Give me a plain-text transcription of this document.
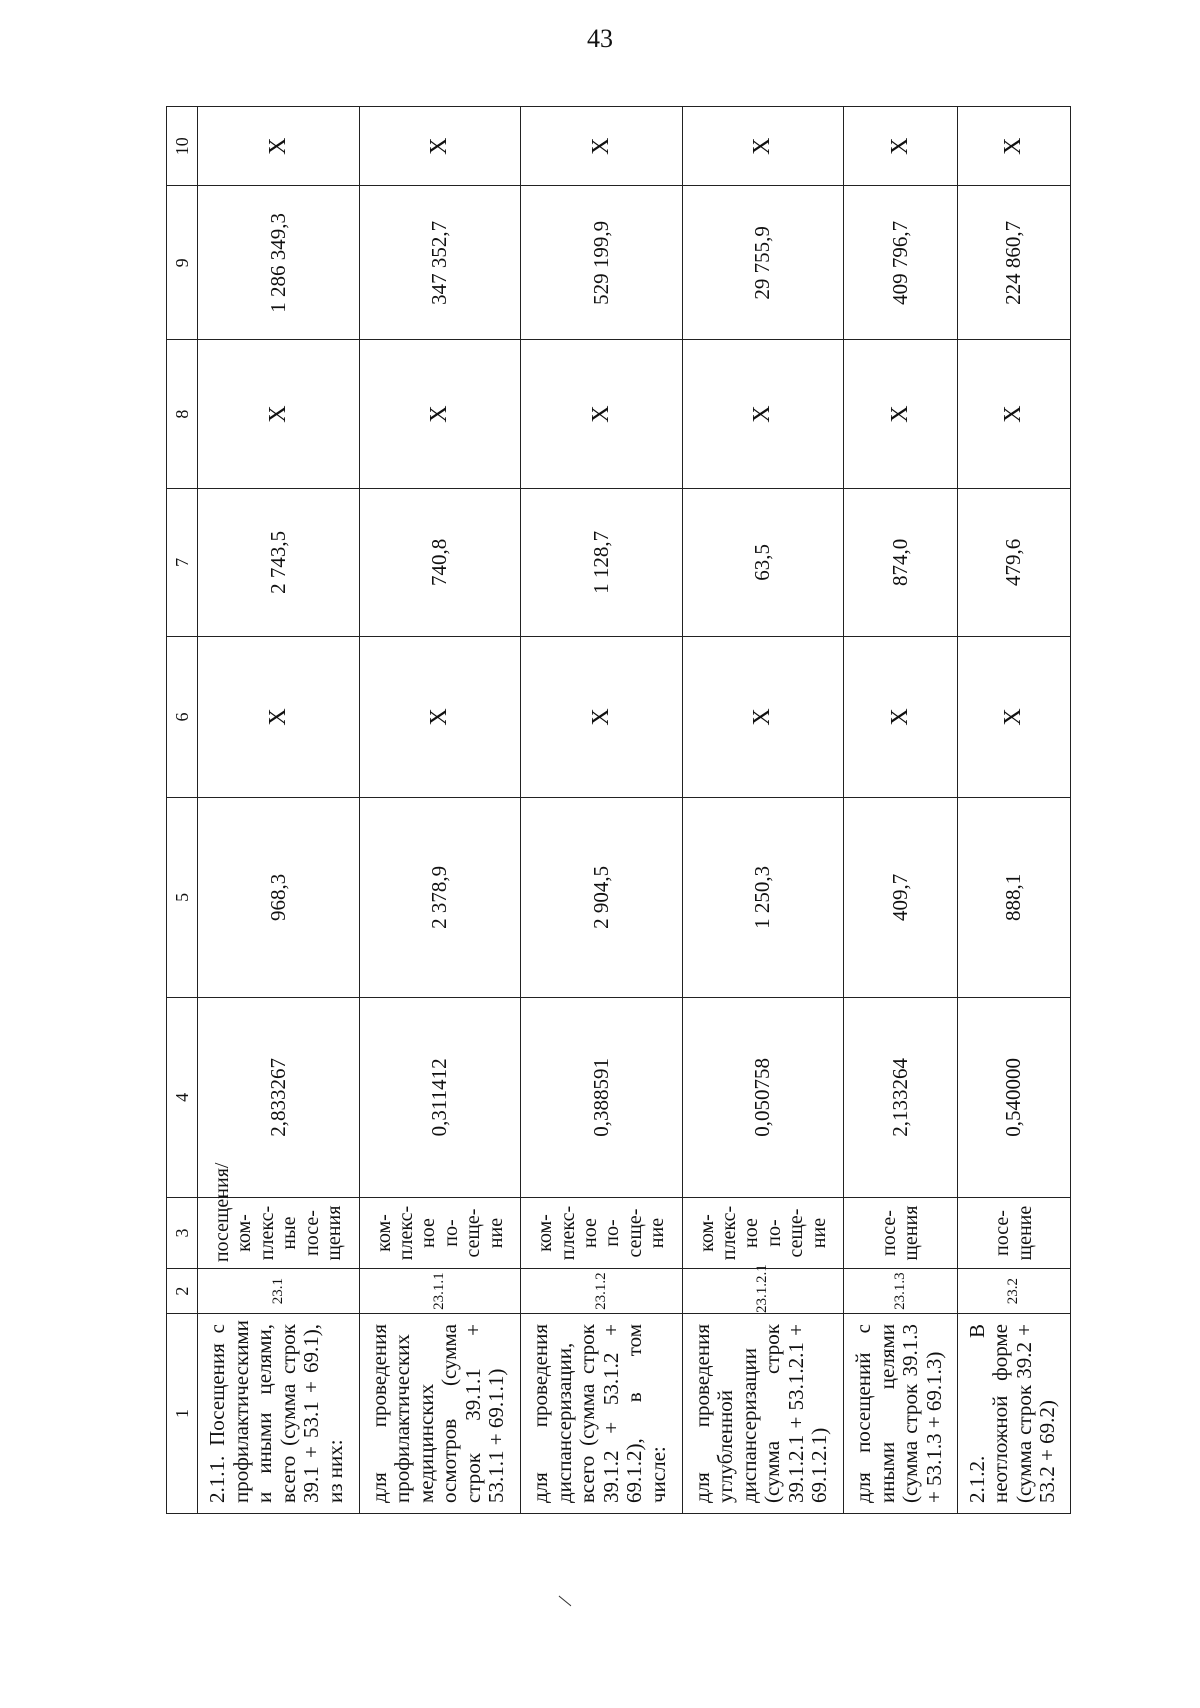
43
1	2	3	4	5	6	7	8	9	10
2.1.1. Посещения с профилактическими и иными целями, всего (сумма строк 39.1 + 53.1 + 69.1), из них:	23.1	посещения/ком-плекс-ные посе-щения	2,833267	968,3	Х	2 743,5	Х	1 286 349,3	Х
для проведения профилактических медицинских осмотров (сумма строк 39.1.1 + 53.1.1 + 69.1.1)	23.1.1	ком-плекс-ное по-сеще-ние	0,311412	2 378,9	Х	740,8	Х	347 352,7	Х
для проведения диспансеризации, всего (сумма строк 39.1.2 + 53.1.2 + 69.1.2), в том числе:	23.1.2	ком-плекс-ное по-сеще-ние	0,388591	2 904,5	Х	1 128,7	Х	529 199,9	Х
для проведения углубленной диспансеризации (сумма строк 39.1.2.1 + 53.1.2.1 + 69.1.2.1)	23.1.2.1	ком-плекс-ное по-сеще-ние	0,050758	1 250,3	Х	63,5	Х	29 755,9	Х
для посещений с иными целями (сумма строк 39.1.3 + 53.1.3 + 69.1.3)	23.1.3	посе-щения	2,133264	409,7	Х	874,0	Х	409 796,7	Х
2.1.2. В неотложной форме (сумма строк 39.2 + 53.2 + 69.2)	23.2	посе-щение	0,540000	888,1	Х	479,6	Х	224 860,7	Х
/
